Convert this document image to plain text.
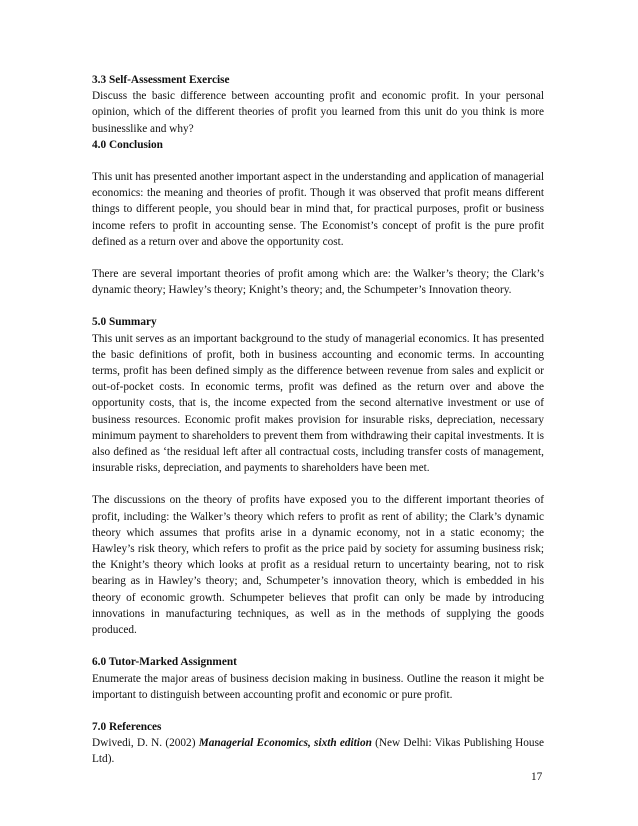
3.3 Self-Assessment Exercise

Discuss the basic difference between accounting profit and economic profit. In your personal opinion, which of the different theories of profit you learned from this unit do you think is more businesslike and why?

4.0 Conclusion

This unit has presented another important aspect in the understanding and application of managerial economics: the meaning and theories of profit. Though it was observed that profit means different things to different people, you should bear in mind that, for practical purposes, profit or business income refers to profit in accounting sense. The Economist’s concept of profit is the pure profit defined as a return over and above the opportunity cost.

There are several important theories of profit among which are: the Walker’s theory; the Clark’s dynamic theory; Hawley’s theory; Knight’s theory; and, the Schumpeter’s Innovation theory.

5.0 Summary

This unit serves as an important background to the study of managerial economics. It has presented the basic definitions of profit, both in business accounting and economic terms. In accounting terms, profit has been defined simply as the difference between revenue from sales and explicit or out-of-pocket costs. In economic terms, profit was defined as the return over and above the opportunity costs, that is, the income expected from the second alternative investment or use of business resources. Economic profit makes provision for insurable risks, depreciation, necessary minimum payment to shareholders to prevent them from withdrawing their capital investments. It is also defined as ‘the residual left after all contractual costs, including transfer costs of management, insurable risks, depreciation, and payments to shareholders have been met.

The discussions on the theory of profits have exposed you to the different important theories of profit, including: the Walker’s theory which refers to profit as rent of ability; the Clark’s dynamic theory which assumes that profits arise in a dynamic economy, not in a static economy; the Hawley’s risk theory, which refers to profit as the price paid by society for assuming business risk; the Knight’s theory which looks at profit as a residual return to uncertainty bearing, not to risk bearing as in Hawley’s theory; and, Schumpeter’s innovation theory, which is embedded in his theory of economic growth. Schumpeter believes that profit can only be made by introducing innovations in manufacturing techniques, as well as in the methods of supplying the goods produced.

6.0 Tutor-Marked Assignment

Enumerate the major areas of business decision making in business. Outline the reason it might be important to distinguish between accounting profit and economic or pure profit.

7.0 References

Dwivedi, D. N. (2002) Managerial Economics, sixth edition (New Delhi: Vikas Publishing House Ltd).

17
